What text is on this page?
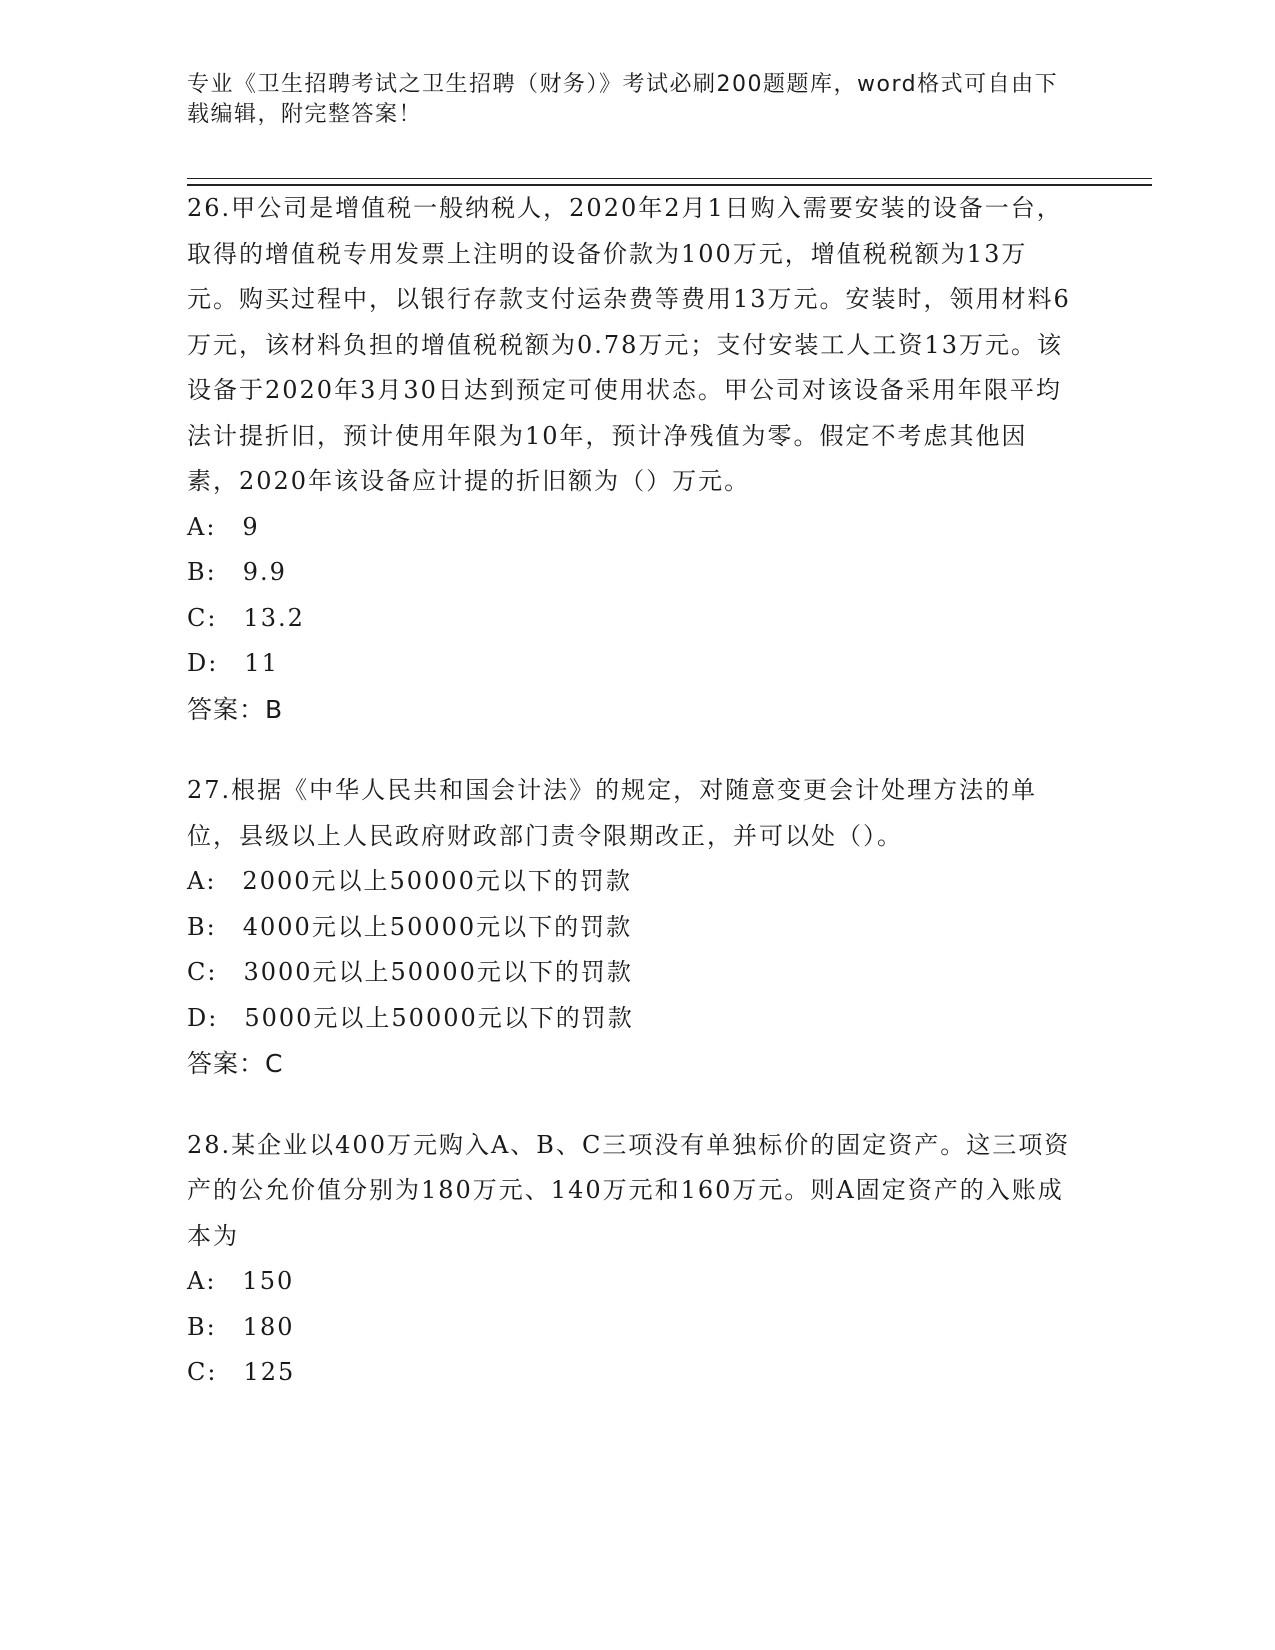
专业《卫生招聘考试之卫生招聘（财务）》考试必刷200题题库，word格式可自由下载编辑，附完整答案！

26.甲公司是增值税一般纳税人，2020年2月1日购入需要安装的设备一台，取得的增值税专用发票上注明的设备价款为100万元，增值税税额为13万元。购买过程中，以银行存款支付运杂费等费用13万元。安装时，领用材料6万元，该材料负担的增值税税额为0.78万元；支付安装工人工资13万元。该设备于2020年3月30日达到预定可使用状态。甲公司对该设备采用年限平均法计提折旧，预计使用年限为10年，预计净残值为零。假定不考虑其他因素，2020年该设备应计提的折旧额为（）万元。

A: 9

B: 9.9

C: 13.2

D: 11

答案： B

27.根据《中华人民共和国会计法》的规定，对随意变更会计处理方法的单位，县级以上人民政府财政部门责令限期改正，并可以处（）。

A: 2000元以上50000元以下的罚款

B: 4000元以上50000元以下的罚款

C: 3000元以上50000元以下的罚款

D: 5000元以上50000元以下的罚款

答案： C

28.某企业以400万元购入A、B、C三项没有单独标价的固定资产。这三项资产的公允价值分别为180万元、140万元和160万元。则A固定资产的入账成本为

A: 150

B: 180

C: 125
